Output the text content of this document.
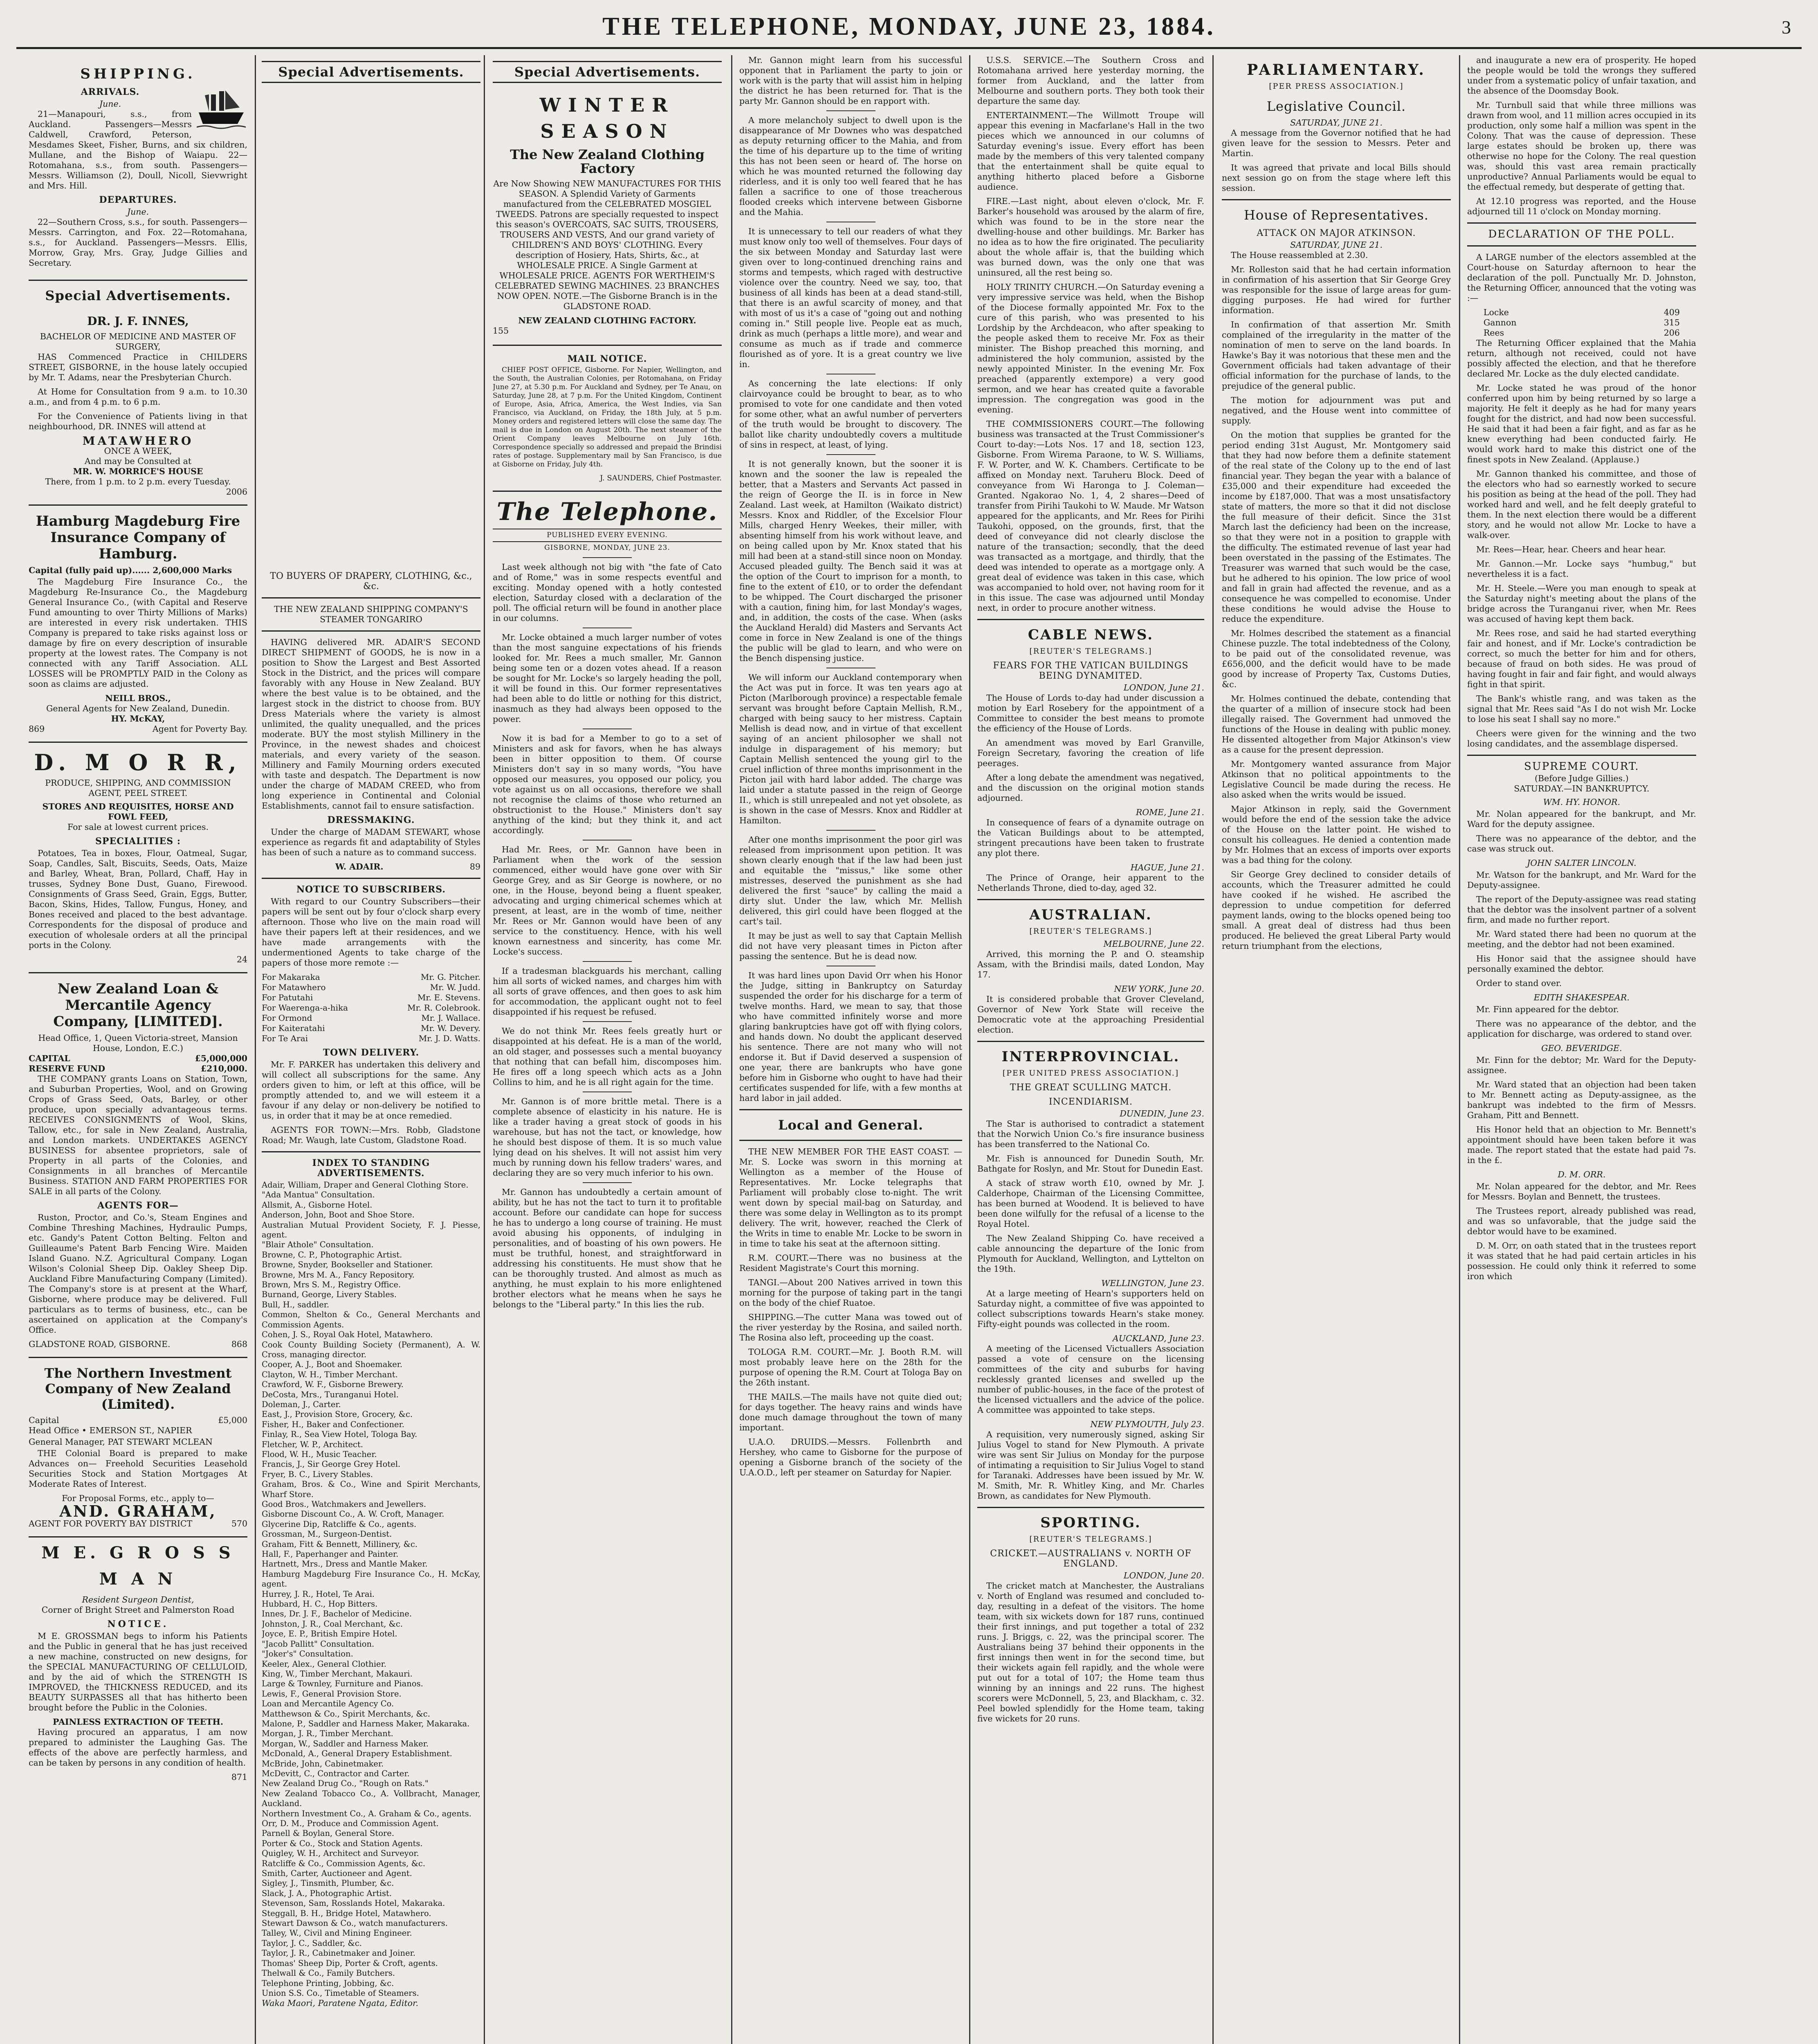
THE TELEPHONE, MONDAY, JUNE 23, 1884.	3
SHIPPING.
ARRIVALS.
June.

21—Manapouri, s.s., from Auckland. Passengers—Messrs Caldwell, Crawford, Peterson, Mesdames Skeet, Fisher, Burns, and six children, Mullane, and the Bishop of Waiapu. 22—Rotomahana, s.s., from south. Passengers—Messrs. Williamson (2), Doull, Nicoll, Sievwright and Mrs. Hill.

DEPARTURES.
June.

22—Southern Cross, s.s., for south. Passengers—Messrs. Carrington, and Fox. 22—Rotomahana, s.s., for Auckland. Passengers—Messrs. Ellis, Morrow, Gray, Mrs. Gray, Judge Gillies and Secretary.

Special Advertisements.
DR. J. F. INNES,
BACHELOR OF MEDICINE AND MASTER OF SURGERY,

HAS Commenced Practice in CHILDERS STREET, GISBORNE, in the house lately occupied by Mr. T. Adams, near the Presbyterian Church.

At Home for Consultation from 9 a.m. to 10.30 a.m., and from 4 p.m. to 6 p.m.

For the Convenience of Patients living in that neighbourhood, DR. INNES will attend at

MATAWHERO
ONCE A WEEK,
And may be Consulted at
MR. W. MORRICE'S HOUSE
There, from 1 p.m. to 2 p.m. every Tuesday.
2006
Hamburg Magdeburg Fire Insurance Company of Hamburg.
Capital (fully paid up)...... 2,600,000 Marks

The Magdeburg Fire Insurance Co., the Magdeburg Re-Insurance Co., the Magdeburg General Insurance Co., (with Capital and Reserve Fund amounting to over Thirty Millions of Marks) are interested in every risk undertaken. THIS Company is prepared to take risks against loss or damage by fire on every description of insurable property at the lowest rates. The Company is not connected with any Tariff Association. ALL LOSSES will be PROMPTLY PAID in the Colony as soon as claims are adjusted.

NEILL BROS.,
General Agents for New Zealand, Dunedin.
HY. McKAY,
869	Agent for Poverty Bay.
D. M O R R,
PRODUCE, SHIPPING, AND COMMISSION AGENT, PEEL STREET.
STORES AND REQUISITES, HORSE AND FOWL FEED,
For sale at lowest current prices.
SPECIALITIES :

Potatoes, Tea in boxes, Flour, Oatmeal, Sugar, Soap, Candles, Salt, Biscuits, Seeds, Oats, Maize and Barley, Wheat, Bran, Pollard, Chaff, Hay in trusses, Sydney Bone Dust, Guano, Firewood. Consignments of Grass Seed, Grain, Eggs, Butter, Bacon, Skins, Hides, Tallow, Fungus, Honey, and Bones received and placed to the best advantage. Correspondents for the disposal of produce and execution of wholesale orders at all the principal ports in the Colony.

24
New Zealand Loan & Mercantile Agency Company, [LIMITED].
Head Office, 1, Queen Victoria-street, Mansion House, London, E.C.)
CAPITAL	£5,000,000
RESERVE FUND	£210,000.

THE COMPANY grants Loans on Station, Town, and Suburban Properties, Wool, and on Growing Crops of Grass Seed, Oats, Barley, or other produce, upon specially advantageous terms. RECEIVES CONSIGNMENTS of Wool, Skins, Tallow, etc., for sale in New Zealand, Australia, and London markets. UNDERTAKES AGENCY BUSINESS for absentee proprietors, sale of Property in all parts of the Colonies, and Consignments in all branches of Mercantile Business. STATION AND FARM PROPERTIES FOR SALE in all parts of the Colony.

AGENTS FOR—

Ruston, Proctor, and Co.'s, Steam Engines and Combine Threshing Machines, Hydraulic Pumps, etc. Gandy's Patent Cotton Belting. Felton and Guilleaume's Patent Barb Fencing Wire. Maiden Island Guano. N.Z. Agricultural Company. Logan Wilson's Colonial Sheep Dip. Oakley Sheep Dip. Auckland Fibre Manufacturing Company (Limited). The Company's store is at present at the Wharf, Gisborne, where produce may be delivered. Full particulars as to terms of business, etc., can be ascertained on application at the Company's Office.

GLADSTONE ROAD, GISBORNE.	868
The Northern Investment Company of New Zealand (Limited).
Capital	£5,000
Head Office • EMERSON ST., NAPIER
General Manager, PAT STEWART MCLEAN

THE Colonial Board is prepared to make Advances on— Freehold Securities Leasehold Securities Stock and Station Mortgages At Moderate Rates of Interest.

For Proposal Forms, etc., apply to—
AND. GRAHAM,
AGENT FOR POVERTY BAY DISTRICT	570
M E. G R O S S M A N
Resident Surgeon Dentist,
Corner of Bright Street and Palmerston Road
NOTICE.

M E. GROSSMAN begs to inform his Patients and the Public in general that he has just received a new machine, constructed on new designs, for the SPECIAL MANUFACTURING OF CELLULOID, and by the aid of which the STRENGTH IS IMPROVED, the THICKNESS REDUCED, and its BEAUTY SURPASSES all that has hitherto been brought before the Public in the Colonies.

PAINLESS EXTRACTION OF TEETH.

Having procured an apparatus, I am now prepared to administer the Laughing Gas. The effects of the above are perfectly harmless, and can be taken by persons in any condition of health.

871
Special Advertisements.
TO BUYERS OF DRAPERY, CLOTHING, &c., &c.
THE NEW ZEALAND SHIPPING COMPANY'S STEAMER TONGARIRO

HAVING delivered MR. ADAIR'S SECOND DIRECT SHIPMENT of GOODS, he is now in a position to Show the Largest and Best Assorted Stock in the District, and the prices will compare favorably with any House in New Zealand. BUY where the best value is to be obtained, and the largest stock in the district to choose from. BUY Dress Materials where the variety is almost unlimited, the quality unequalled, and the prices moderate. BUY the most stylish Millinery in the Province, in the newest shades and choicest materials, and every variety of the season. Millinery and Family Mourning orders executed with taste and despatch. The Department is now under the charge of MADAM CREED, who from long experience in Continental and Colonial Establishments, cannot fail to ensure satisfaction.

DRESSMAKING.

Under the charge of MADAM STEWART, whose experience as regards fit and adaptability of Styles has been of such a nature as to command success.

W. ADAIR.	89
NOTICE TO SUBSCRIBERS.

With regard to our Country Subscribers—their papers will be sent out by four o'clock sharp every afternoon. Those who live on the main road will have their papers left at their residences, and we have made arrangements with the undermentioned Agents to take charge of the papers of those more remote :—

For Makaraka	Mr. G. Pitcher.
For Matawhero	Mr. W. Judd.
For Patutahi	Mr. E. Stevens.
For Waerenga-a-hika	Mr. R. Colebrook.
For Ormond	Mr. J. Wallace.
For Kaiteratahi	Mr. W. Devery.
For Te Arai	Mr. J. D. Watts.
TOWN DELIVERY.

Mr. F. PARKER has undertaken this delivery and will collect all subscriptions for the same. Any orders given to him, or left at this office, will be promptly attended to, and we will esteem it a favour if any delay or non-delivery be notified to us, in order that it may be at once remedied.

AGENTS FOR TOWN:—Mrs. Robb, Gladstone Road; Mr. Waugh, late Custom, Gladstone Road.

INDEX TO STANDING ADVERTISEMENTS.
Adair, William, Draper and General Clothing Store.
"Ada Mantua" Consultation.
Allsmit, A., Gisborne Hotel.
Anderson, John, Boot and Shoe Store.
Australian Mutual Provident Society, F. J. Piesse, agent.
"Blair Athole" Consultation.
Browne, C. P., Photographic Artist.
Browne, Snyder, Bookseller and Stationer.
Browne, Mrs M. A., Fancy Repository.
Brown, Mrs S. M., Registry Office.
Burnand, George, Livery Stables.
Bull, H., saddler.
Common, Shelton & Co., General Merchants and Commission Agents.
Cohen, J. S., Royal Oak Hotel, Matawhero.
Cook County Building Society (Permanent), A. W. Cross, managing director.
Cooper, A. J., Boot and Shoemaker.
Clayton, W. H., Timber Merchant.
Crawford, W. F., Gisborne Brewery.
DeCosta, Mrs., Turanganui Hotel.
Doleman, J., Carter.
East, J., Provision Store, Grocery, &c.
Fisher, H., Baker and Confectioner.
Finlay, R., Sea View Hotel, Tologa Bay.
Fletcher, W. P., Architect.
Flood, W. H., Music Teacher.
Francis, J., Sir George Grey Hotel.
Fryer, B. C., Livery Stables.
Graham, Bros. & Co., Wine and Spirit Merchants, Wharf Store.
Good Bros., Watchmakers and Jewellers.
Gisborne Discount Co., A. W. Croft, Manager.
Glycerine Dip, Ratcliffe & Co., agents.
Grossman, M., Surgeon-Dentist.
Graham, Fitt & Bennett, Millinery, &c.
Hall, F., Paperhanger and Painter.
Hartnett, Mrs., Dress and Mantle Maker.
Hamburg Magdeburg Fire Insurance Co., H. McKay, agent.
Hurrey, J. R., Hotel, Te Arai.
Hubbard, H. C., Hop Bitters.
Innes, Dr. J. F., Bachelor of Medicine.
Johnston, J. R., Coal Merchant, &c.
Joyce, E. P., British Empire Hotel.
"Jacob Pallitt" Consultation.
"Joker's" Consultation.
Keeler, Alex., General Clothier.
King, W., Timber Merchant, Makauri.
Large & Townley, Furniture and Pianos.
Lewis, F., General Provision Store.
Loan and Mercantile Agency Co.
Matthewson & Co., Spirit Merchants, &c.
Malone, P., Saddler and Harness Maker, Makaraka.
Morgan, J. R., Timber Merchant.
Morgan, W., Saddler and Harness Maker.
McDonald, A., General Drapery Establishment.
McBride, John, Cabinetmaker.
McDevitt, C., Contractor and Carter.
New Zealand Drug Co., "Rough on Rats."
New Zealand Tobacco Co., A. Vollbracht, Manager, Auckland.
Northern Investment Co., A. Graham & Co., agents.
Orr, D. M., Produce and Commission Agent.
Parnell & Boylan, General Store.
Porter & Co., Stock and Station Agents.
Quigley, W. H., Architect and Surveyor.
Ratcliffe & Co., Commission Agents, &c.
Smith, Carter, Auctioneer and Agent.
Sigley, J., Tinsmith, Plumber, &c.
Slack, J. A., Photographic Artist.
Stevenson, Sam, Rosslands Hotel, Makaraka.
Steggall, B. H., Bridge Hotel, Matawhero.
Stewart Dawson & Co., watch manufacturers.
Talley, W., Civil and Mining Engineer.
Taylor, J. C., Saddler, &c.
Taylor, J. R., Cabinetmaker and Joiner.
Thomas' Sheep Dip, Porter & Croft, agents.
Thelwall & Co., Family Butchers.
Telephone Printing, Jobbing, &c.
Union S.S. Co., Timetable of Steamers.
Waka Maori, Paratene Ngata, Editor.
Special Advertisements.
WINTER SEASON
The New Zealand Clothing Factory

Are Now Showing NEW MANUFACTURES FOR THIS SEASON. A Splendid Variety of Garments manufactured from the CELEBRATED MOSGIEL TWEEDS. Patrons are specially requested to inspect this season's OVERCOATS, SAC SUITS, TROUSERS, TROUSERS AND VESTS, And our grand variety of CHILDREN'S AND BOYS' CLOTHING. Every description of Hosiery, Hats, Shirts, &c., at WHOLESALE PRICE. A Single Garment at WHOLESALE PRICE. AGENTS FOR WERTHEIM'S CELEBRATED SEWING MACHINES. 23 BRANCHES NOW OPEN. NOTE.—The Gisborne Branch is in the GLADSTONE ROAD.

NEW ZEALAND CLOTHING FACTORY.
155
MAIL NOTICE.

CHIEF POST OFFICE, Gisborne. For Napier, Wellington, and the South, the Australian Colonies, per Rotomahana, on Friday June 27, at 5.30 p.m. For Auckland and Sydney, per Te Anau, on Saturday, June 28, at 7 p.m. For the United Kingdom, Continent of Europe, Asia, Africa, America, the West Indies, via San Francisco, via Auckland, on Friday, the 18th July, at 5 p.m. Money orders and registered letters will close the same day. The mail is due in London on August 20th. The next steamer of the Orient Company leaves Melbourne on July 16th. Correspondence specially so addressed and prepaid the Brindisi rates of postage. Supplementary mail by San Francisco, is due at Gisborne on Friday, July 4th.

J. SAUNDERS, Chief Postmaster.
The Telephone.
PUBLISHED EVERY EVENING.
GISBORNE, MONDAY, JUNE 23.

Last week although not big with "the fate of Cato and of Rome," was in some respects eventful and exciting. Monday opened with a hotly contested election, Saturday closed with a declaration of the poll. The official return will be found in another place in our columns.

Mr. Locke obtained a much larger number of votes than the most sanguine expectations of his friends looked for. Mr. Rees a much smaller, Mr. Gannon being some ten or a dozen votes ahead. If a reason be sought for Mr. Locke's so largely heading the poll, it will be found in this. Our former representatives had been able to do little or nothing for this district, inasmuch as they had always been opposed to the power.

Now it is bad for a Member to go to a set of Ministers and ask for favors, when he has always been in bitter opposition to them. Of course Ministers don't say in so many words, "You have opposed our measures, you opposed our policy, you vote against us on all occasions, therefore we shall not recognise the claims of those who returned an obstructionist to the House." Ministers don't say anything of the kind; but they think it, and act accordingly.

Had Mr. Rees, or Mr. Gannon have been in Parliament when the work of the session commenced, either would have gone over with Sir George Grey, and as Sir George is nowhere, or no one, in the House, beyond being a fluent speaker, advocating and urging chimerical schemes which at present, at least, are in the womb of time, neither Mr. Rees or Mr. Gannon would have been of any service to the constituency. Hence, with his well known earnestness and sincerity, has come Mr. Locke's success.

If a tradesman blackguards his merchant, calling him all sorts of wicked names, and charges him with all sorts of grave offences, and then goes to ask him for accommodation, the applicant ought not to feel disappointed if his request be refused.

We do not think Mr. Rees feels greatly hurt or disappointed at his defeat. He is a man of the world, an old stager, and possesses such a mental buoyancy that nothing that can befall him, discomposes him. He fires off a long speech which acts as a John Collins to him, and he is all right again for the time.

Mr. Gannon is of more brittle metal. There is a complete absence of elasticity in his nature. He is like a trader having a great stock of goods in his warehouse, but has not the tact, or knowledge, how he should best dispose of them. It is so much value lying dead on his shelves. It will not assist him very much by running down his fellow traders' wares, and declaring they are so very much inferior to his own.

Mr. Gannon has undoubtedly a certain amount of ability, but he has not the tact to turn it to profitable account. Before our candidate can hope for success he has to undergo a long course of training. He must avoid abusing his opponents, of indulging in personalities, and of boasting of his own powers. He must be truthful, honest, and straightforward in addressing his constituents. He must show that he can be thoroughly trusted. And almost as much as anything, he must explain to his more enlightened brother electors what he means when he says he belongs to the "Liberal party." In this lies the rub.

Mr. Gannon might learn from his successful opponent that in Parliament the party to join or work with is the party that will assist him in helping the district he has been returned for. That is the party Mr. Gannon should be en rapport with.

A more melancholy subject to dwell upon is the disappearance of Mr Downes who was despatched as deputy returning officer to the Mahia, and from the time of his departure up to the time of writing this has not been seen or heard of. The horse on which he was mounted returned the following day riderless, and it is only too well feared that he has fallen a sacrifice to one of those treacherous flooded creeks which intervene between Gisborne and the Mahia.

It is unnecessary to tell our readers of what they must know only too well of themselves. Four days of the six between Monday and Saturday last were given over to long-continued drenching rains and storms and tempests, which raged with destructive violence over the country. Need we say, too, that business of all kinds has been at a dead stand-still, that there is an awful scarcity of money, and that with most of us it's a case of "going out and nothing coming in." Still people live. People eat as much, drink as much (perhaps a little more), and wear and consume as much as if trade and commerce flourished as of yore. It is a great country we live in.

As concerning the late elections: If only clairvoyance could be brought to bear, as to who promised to vote for one candidate and then voted for some other, what an awful number of perverters of the truth would be brought to discovery. The ballot like charity undoubtedly covers a multitude of sins in respect, at least, of lying.

It is not generally known, but the sooner it is known and the sooner the law is repealed the better, that a Masters and Servants Act passed in the reign of George the II. is in force in New Zealand. Last week, at Hamilton (Waikato district) Messrs. Knox and Riddler, of the Excelsior Flour Mills, charged Henry Weekes, their miller, with absenting himself from his work without leave, and on being called upon by Mr. Knox stated that his mill had been at a stand-still since noon on Monday. Accused pleaded guilty. The Bench said it was at the option of the Court to imprison for a month, to fine to the extent of £10, or to order the defendant to be whipped. The Court discharged the prisoner with a caution, fining him, for last Monday's wages, and, in addition, the costs of the case. When (asks the Auckland Herald) did Masters and Servants Act come in force in New Zealand is one of the things the public will be glad to learn, and who were on the Bench dispensing justice.

We will inform our Auckland contemporary when the Act was put in force. It was ten years ago at Picton (Marlborough province) a respectable female servant was brought before Captain Mellish, R.M., charged with being saucy to her mistress. Captain Mellish is dead now, and in virtue of that excellent saying of an ancient philosopher we shall not indulge in disparagement of his memory; but Captain Mellish sentenced the young girl to the cruel infliction of three months imprisonment in the Picton jail with hard labor added. The charge was laid under a statute passed in the reign of George II., which is still unrepealed and not yet obsolete, as is shown in the case of Messrs. Knox and Riddler at Hamilton.

After one months imprisonment the poor girl was released from imprisonment upon petition. It was shown clearly enough that if the law had been just and equitable the "missus," like some other mistresses, deserved the punishment as she had delivered the first "sauce" by calling the maid a dirty slut. Under the law, which Mr. Mellish delivered, this girl could have been flogged at the cart's tail.

It may be just as well to say that Captain Mellish did not have very pleasant times in Picton after passing the sentence. But he is dead now.

It was hard lines upon David Orr when his Honor the Judge, sitting in Bankruptcy on Saturday suspended the order for his discharge for a term of twelve months. Hard, we mean to say, that those who have committed infinitely worse and more glaring bankruptcies have got off with flying colors, and hands down. No doubt the applicant deserved his sentence. There are not many who will not endorse it. But if David deserved a suspension of one year, there are bankrupts who have gone before him in Gisborne who ought to have had their certificates suspended for life, with a few months at hard labor in jail added.

Local and General.

THE NEW MEMBER FOR THE EAST COAST. —Mr. S. Locke was sworn in this morning at Wellington as a member of the House of Representatives. Mr. Locke telegraphs that Parliament will probably close to-night. The writ went down by special mail-bag on Saturday, and there was some delay in Wellington as to its prompt delivery. The writ, however, reached the Clerk of the Writs in time to enable Mr. Locke to be sworn in in time to take his seat at the afternoon sitting.

R.M. COURT.—There was no business at the Resident Magistrate's Court this morning.

TANGI.—About 200 Natives arrived in town this morning for the purpose of taking part in the tangi on the body of the chief Ruatoe.

SHIPPING.—The cutter Mana was towed out of the river yesterday by the Rosina, and sailed north. The Rosina also left, proceeding up the coast.

TOLOGA R.M. COURT.—Mr. J. Booth R.M. will most probably leave here on the 28th for the purpose of opening the R.M. Court at Tologa Bay on the 26th instant.

THE MAILS.—The mails have not quite died out; for days together. The heavy rains and winds have done much damage throughout the town of many important.

U.A.O. DRUIDS.—Messrs. Follenbrth and Hershey, who came to Gisborne for the purpose of opening a Gisborne branch of the society of the U.A.O.D., left per steamer on Saturday for Napier.

U.S.S. SERVICE.—The Southern Cross and Rotomahana arrived here yesterday morning, the former from Auckland, and the latter from Melbourne and southern ports. They both took their departure the same day.

ENTERTAINMENT.—The Willmott Troupe will appear this evening in Macfarlane's Hall in the two pieces which we announced in our columns of Saturday evening's issue. Every effort has been made by the members of this very talented company that the entertainment shall be quite equal to anything hitherto placed before a Gisborne audience.

FIRE.—Last night, about eleven o'clock, Mr. F. Barker's household was aroused by the alarm of fire, which was found to be in the store near the dwelling-house and other buildings. Mr. Barker has no idea as to how the fire originated. The peculiarity about the whole affair is, that the building which was burned down, was the only one that was uninsured, all the rest being so.

HOLY TRINITY CHURCH.—On Saturday evening a very impressive service was held, when the Bishop of the Diocese formally appointed Mr. Fox to the cure of this parish, who was presented to his Lordship by the Archdeacon, who after speaking to the people asked them to receive Mr. Fox as their minister. The Bishop preached this morning, and administered the holy communion, assisted by the newly appointed Minister. In the evening Mr. Fox preached (apparently extempore) a very good sermon, and we hear has created quite a favorable impression. The congregation was good in the evening.

THE COMMISSIONERS COURT.—The following business was transacted at the Trust Commissioner's Court to-day:—Lots Nos. 17 and 18, section 123, Gisborne. From Wirema Paraone, to W. S. Williams, F. W. Porter, and W. K. Chambers. Certificate to be affixed on Monday next. Taruheru Block. Deed of conveyance from Wi Haronga to J. Coleman—Granted. Ngakorao No. 1, 4, 2 shares—Deed of transfer from Pirihi Taukohi to W. Maude. Mr Watson appeared for the applicants, and Mr. Rees for Pirihi Taukohi, opposed, on the grounds, first, that the deed of conveyance did not clearly disclose the nature of the transaction; secondly, that the deed was transacted as a mortgage, and thirdly, that the deed was intended to operate as a mortgage only. A great deal of evidence was taken in this case, which was accompanied to hold over, not having room for it in this issue. The case was adjourned until Monday next, in order to procure another witness.

CABLE NEWS.
[REUTER'S TELEGRAMS.]
FEARS FOR THE VATICAN BUILDINGS BEING DYNAMITED.
LONDON, June 21.

The House of Lords to-day had under discussion a motion by Earl Rosebery for the appointment of a Committee to consider the best means to promote the efficiency of the House of Lords.

An amendment was moved by Earl Granville, Foreign Secretary, favoring the creation of life peerages.

After a long debate the amendment was negatived, and the discussion on the original motion stands adjourned.

ROME, June 21.

In consequence of fears of a dynamite outrage on the Vatican Buildings about to be attempted, stringent precautions have been taken to frustrate any plot there.

HAGUE, June 21.

The Prince of Orange, heir apparent to the Netherlands Throne, died to-day, aged 32.

AUSTRALIAN.
[REUTER'S TELEGRAMS.]
MELBOURNE, June 22.

Arrived, this morning the P. and O. steamship Assam, with the Brindisi mails, dated London, May 17.

NEW YORK, June 20.

It is considered probable that Grover Cleveland, Governor of New York State will receive the Democratic vote at the approaching Presidential election.

INTERPROVINCIAL.
[PER UNITED PRESS ASSOCIATION.]
THE GREAT SCULLING MATCH.
INCENDIARISM.
DUNEDIN, June 23.

The Star is authorised to contradict a statement that the Norwich Union Co.'s fire insurance business has been transferred to the National Co.

Mr. Fish is announced for Dunedin South, Mr. Bathgate for Roslyn, and Mr. Stout for Dunedin East.

A stack of straw worth £10, owned by Mr. J. Calderhope, Chairman of the Licensing Committee, has been burned at Woodend. It is believed to have been done wilfully for the refusal of a license to the Royal Hotel.

The New Zealand Shipping Co. have received a cable announcing the departure of the Ionic from Plymouth for Auckland, Wellington, and Lyttelton on the 19th.

WELLINGTON, June 23.

At a large meeting of Hearn's supporters held on Saturday night, a committee of five was appointed to collect subscriptions towards Hearn's stake money. Fifty-eight pounds was collected in the room.

AUCKLAND, June 23.

A meeting of the Licensed Victuallers Association passed a vote of censure on the licensing committees of the city and suburbs for having recklessly granted licenses and swelled up the number of public-houses, in the face of the protest of the licensed victuallers and the advice of the police. A committee was appointed to take steps.

NEW PLYMOUTH, July 23.

A requisition, very numerously signed, asking Sir Julius Vogel to stand for New Plymouth. A private wire was sent Sir Julius on Monday for the purpose of intimating a requisition to Sir Julius Vogel to stand for Taranaki. Addresses have been issued by Mr. W. M. Smith, Mr. R. Whitley King, and Mr. Charles Brown, as candidates for New Plymouth.

SPORTING.
[REUTER'S TELEGRAMS.]
CRICKET.—AUSTRALIANS v. NORTH OF ENGLAND.
LONDON, June 20.

The cricket match at Manchester, the Australians v. North of England was resumed and concluded to-day, resulting in a defeat of the visitors. The home team, with six wickets down for 187 runs, continued their first innings, and put together a total of 232 runs. J. Briggs, c. 22, was the principal scorer. The Australians being 37 behind their opponents in the first innings then went in for the second time, but their wickets again fell rapidly, and the whole were put out for a total of 107; the Home team thus winning by an innings and 22 runs. The highest scorers were McDonnell, 5, 23, and Blackham, c. 32. Peel bowled splendidly for the Home team, taking five wickets for 20 runs.

PARLIAMENTARY.
[PER PRESS ASSOCIATION.]
Legislative Council.
SATURDAY, JUNE 21.

A message from the Governor notified that he had given leave for the session to Messrs. Peter and Martin.

It was agreed that private and local Bills should next session go on from the stage where left this session.

House of Representatives.
ATTACK ON MAJOR ATKINSON.
SATURDAY, JUNE 21.

The House reassembled at 2.30.

Mr. Rolleston said that he had certain information in confirmation of his assertion that Sir George Grey was responsible for the issue of large areas for gum-digging purposes. He had wired for further information.

In confirmation of that assertion Mr. Smith complained of the irregularity in the matter of the nomination of men to serve on the land boards. In Hawke's Bay it was notorious that these men and the Government officials had taken advantage of their official information for the purchase of lands, to the prejudice of the general public.

The motion for adjournment was put and negatived, and the House went into committee of supply.

On the motion that supplies be granted for the period ending 31st August, Mr. Montgomery said that they had now before them a definite statement of the real state of the Colony up to the end of last financial year. They began the year with a balance of £35,000 and their expenditure had exceeded the income by £187,000. That was a most unsatisfactory state of matters, the more so that it did not disclose the full measure of their deficit. Since the 31st March last the deficiency had been on the increase, so that they were not in a position to grapple with the difficulty. The estimated revenue of last year had been overstated in the passing of the Estimates. The Treasurer was warned that such would be the case, but he adhered to his opinion. The low price of wool and fall in grain had affected the revenue, and as a consequence he was compelled to economise. Under these conditions he would advise the House to reduce the expenditure.

Mr. Holmes described the statement as a financial Chinese puzzle. The total indebtedness of the Colony, to be paid out of the consolidated revenue, was £656,000, and the deficit would have to be made good by increase of Property Tax, Customs Duties, &c.

Mr. Holmes continued the debate, contending that the quarter of a million of insecure stock had been illegally raised. The Government had unmoved the functions of the House in dealing with public money. He dissented altogether from Major Atkinson's view as a cause for the present depression.

Mr. Montgomery wanted assurance from Major Atkinson that no political appointments to the Legislative Council be made during the recess. He also asked when the writs would be issued.

Major Atkinson in reply, said the Government would before the end of the session take the advice of the House on the latter point. He wished to consult his colleagues. He denied a contention made by Mr. Holmes that an excess of imports over exports was a bad thing for the colony.

Sir George Grey declined to consider details of accounts, which the Treasurer admitted he could have cooked if he wished. He ascribed the depression to undue competition for deferred payment lands, owing to the blocks opened being too small. A great deal of distress had thus been produced. He believed the great Liberal Party would return triumphant from the elections,

and inaugurate a new era of prosperity. He hoped the people would be told the wrongs they suffered under from a systematic policy of unfair taxation, and the absence of the Doomsday Book.

Mr. Turnbull said that while three millions was drawn from wool, and 11 million acres occupied in its production, only some half a million was spent in the Colony. That was the cause of depression. These large estates should be broken up, there was otherwise no hope for the Colony. The real question was, should this vast area remain practically unproductive? Annual Parliaments would be equal to the effectual remedy, but desperate of getting that.

At 12.10 progress was reported, and the House adjourned till 11 o'clock on Monday morning.

DECLARATION OF THE POLL.

A LARGE number of the electors assembled at the Court-house on Saturday afternoon to hear the declaration of the poll. Punctually Mr. D. Johnston, the Returning Officer, announced that the voting was :—

Locke	409
Gannon	315
Rees	206

The Returning Officer explained that the Mahia return, although not received, could not have possibly affected the election, and that he therefore declared Mr. Locke as the duly elected candidate.

Mr. Locke stated he was proud of the honor conferred upon him by being returned by so large a majority. He felt it deeply as he had for many years fought for the district, and had now been successful. He said that it had been a fair fight, and as far as he knew everything had been conducted fairly. He would work hard to make this district one of the finest spots in New Zealand. (Applause.)

Mr. Gannon thanked his committee, and those of the electors who had so earnestly worked to secure his position as being at the head of the poll. They had worked hard and well, and he felt deeply grateful to them. In the next election there would be a different story, and he would not allow Mr. Locke to have a walk-over.

Mr. Rees—Hear, hear. Cheers and hear hear.

Mr. Gannon.—Mr. Locke says "humbug," but nevertheless it is a fact.

Mr. H. Steele.—Were you man enough to speak at the Saturday night's meeting about the plans of the bridge across the Turanganui river, when Mr. Rees was accused of having kept them back.

Mr. Rees rose, and said he had started everything fair and honest, and if Mr. Locke's contradiction be correct, so much the better for him and for others, because of fraud on both sides. He was proud of having fought in fair and fair fight, and would always fight in that spirit.

The Bank's whistle rang, and was taken as the signal that Mr. Rees said "As I do not wish Mr. Locke to lose his seat I shall say no more."

Cheers were given for the winning and the two losing candidates, and the assemblage dispersed.

SUPREME COURT.
(Before Judge Gillies.)
SATURDAY.—IN BANKRUPTCY.
WM. HY. HONOR.

Mr. Nolan appeared for the bankrupt, and Mr. Ward for the deputy assignee.

There was no appearance of the debtor, and the case was struck out.

JOHN SALTER LINCOLN.

Mr. Watson for the bankrupt, and Mr. Ward for the Deputy-assignee.

The report of the Deputy-assignee was read stating that the debtor was the insolvent partner of a solvent firm, and made no further report.

Mr. Ward stated there had been no quorum at the meeting, and the debtor had not been examined.

His Honor said that the assignee should have personally examined the debtor.

Order to stand over.

EDITH SHAKESPEAR.

Mr. Finn appeared for the debtor.

There was no appearance of the debtor, and the application for discharge, was ordered to stand over.

GEO. BEVERIDGE.

Mr. Finn for the debtor; Mr. Ward for the Deputy-assignee.

Mr. Ward stated that an objection had been taken to Mr. Bennett acting as Deputy-assignee, as the bankrupt was indebted to the firm of Messrs. Graham, Pitt and Bennett.

His Honor held that an objection to Mr. Bennett's appointment should have been taken before it was made. The report stated that the estate had paid 7s. in the £.

D. M. ORR.

Mr. Nolan appeared for the debtor, and Mr. Rees for Messrs. Boylan and Bennett, the trustees.

The Trustees report, already published was read, and was so unfavorable, that the judge said the debtor would have to be examined.

D. M. Orr, on oath stated that in the trustees report it was stated that he had paid certain articles in his possession. He could only think it referred to some iron which
